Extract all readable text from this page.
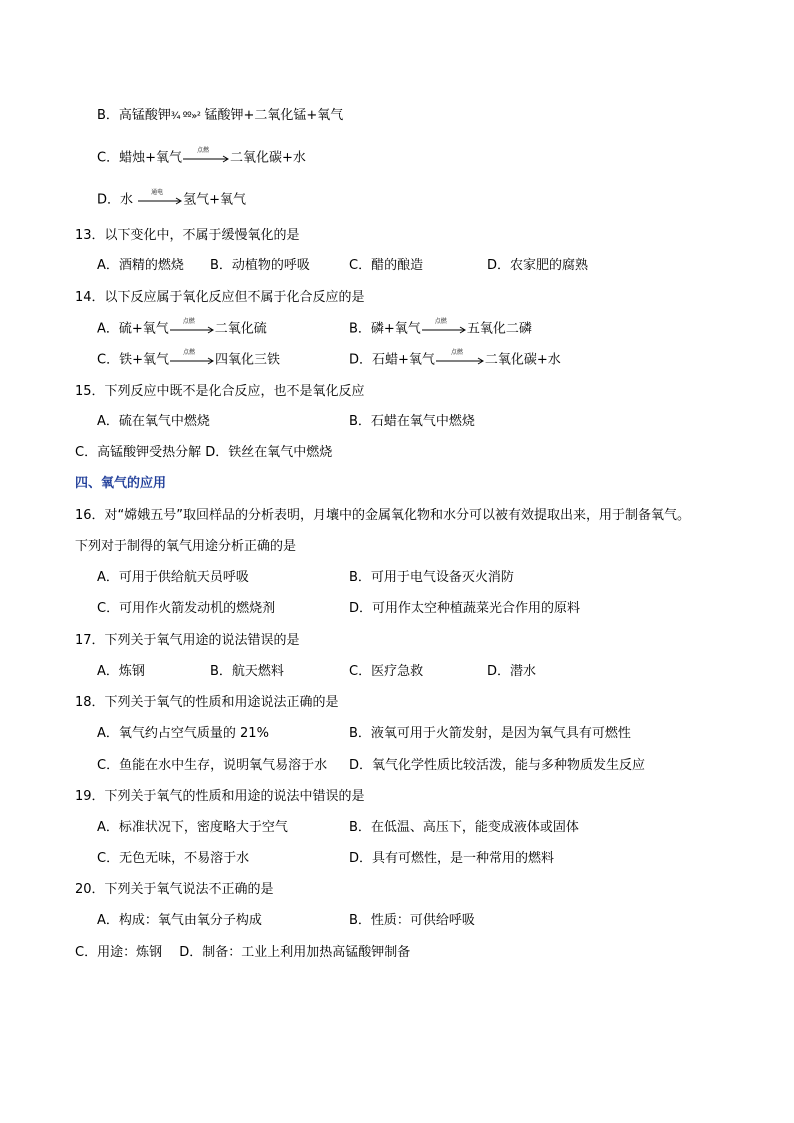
B．高锰酸钾¾ ºº»² 锰酸钾+二氧化锰+氧气
C．蜡烛+氧气	点燃	二氧化碳+水
D．水	通电	氢气+氧气
13．以下变化中，不属于缓慢氧化的是
A．酒精的燃烧 B．动植物的呼吸	C．醋的酿造	D．农家肥的腐熟
14．以下反应属于氧化反应但不属于化合反应的是
A．硫+氧气	点燃	二氧化硫	B．磷+氧气	点燃	五氧化二磷
C．铁+氧气	点燃	四氧化三铁	D．石蜡+氧气	点燃	二氧化碳+水
15．下列反应中既不是化合反应，也不是氧化反应
A．硫在氧气中燃烧	B．石蜡在氧气中燃烧
C．高锰酸钾受热分解 D．铁丝在氧气中燃烧
四、氧气的应用
16．对“嫦娥五号”取回样品的分析表明，月壤中的金属氧化物和水分可以被有效提取出来，用于制备氧气。
下列对于制得的氧气用途分析正确的是
A．可用于供给航天员呼吸	B．可用于电气设备灭火消防
C．可用作火箭发动机的燃烧剂	D．可用作太空种植蔬菜光合作用的原料
17．下列关于氧气用途的说法错误的是
A．炼钢	B．航天燃料	C．医疗急救	D．潜水
18．下列关于氧气的性质和用途说法正确的是
A．氧气约占空气质量的 21%	B．液氧可用于火箭发射，是因为氧气具有可燃性
C．鱼能在水中生存，说明氧气易溶于水 D．氧气化学性质比较活泼，能与多种物质发生反应
19．下列关于氧气的性质和用途的说法中错误的是
A．标准状况下，密度略大于空气	B．在低温、高压下，能变成液体或固体
C．无色无味，不易溶于水	D．具有可燃性，是一种常用的燃料
20．下列关于氧气说法不正确的是
A．构成：氧气由氧分子构成	B．性质：可供给呼吸
C．用途：炼钢　 D．制备：工业上利用加热高锰酸钾制备
